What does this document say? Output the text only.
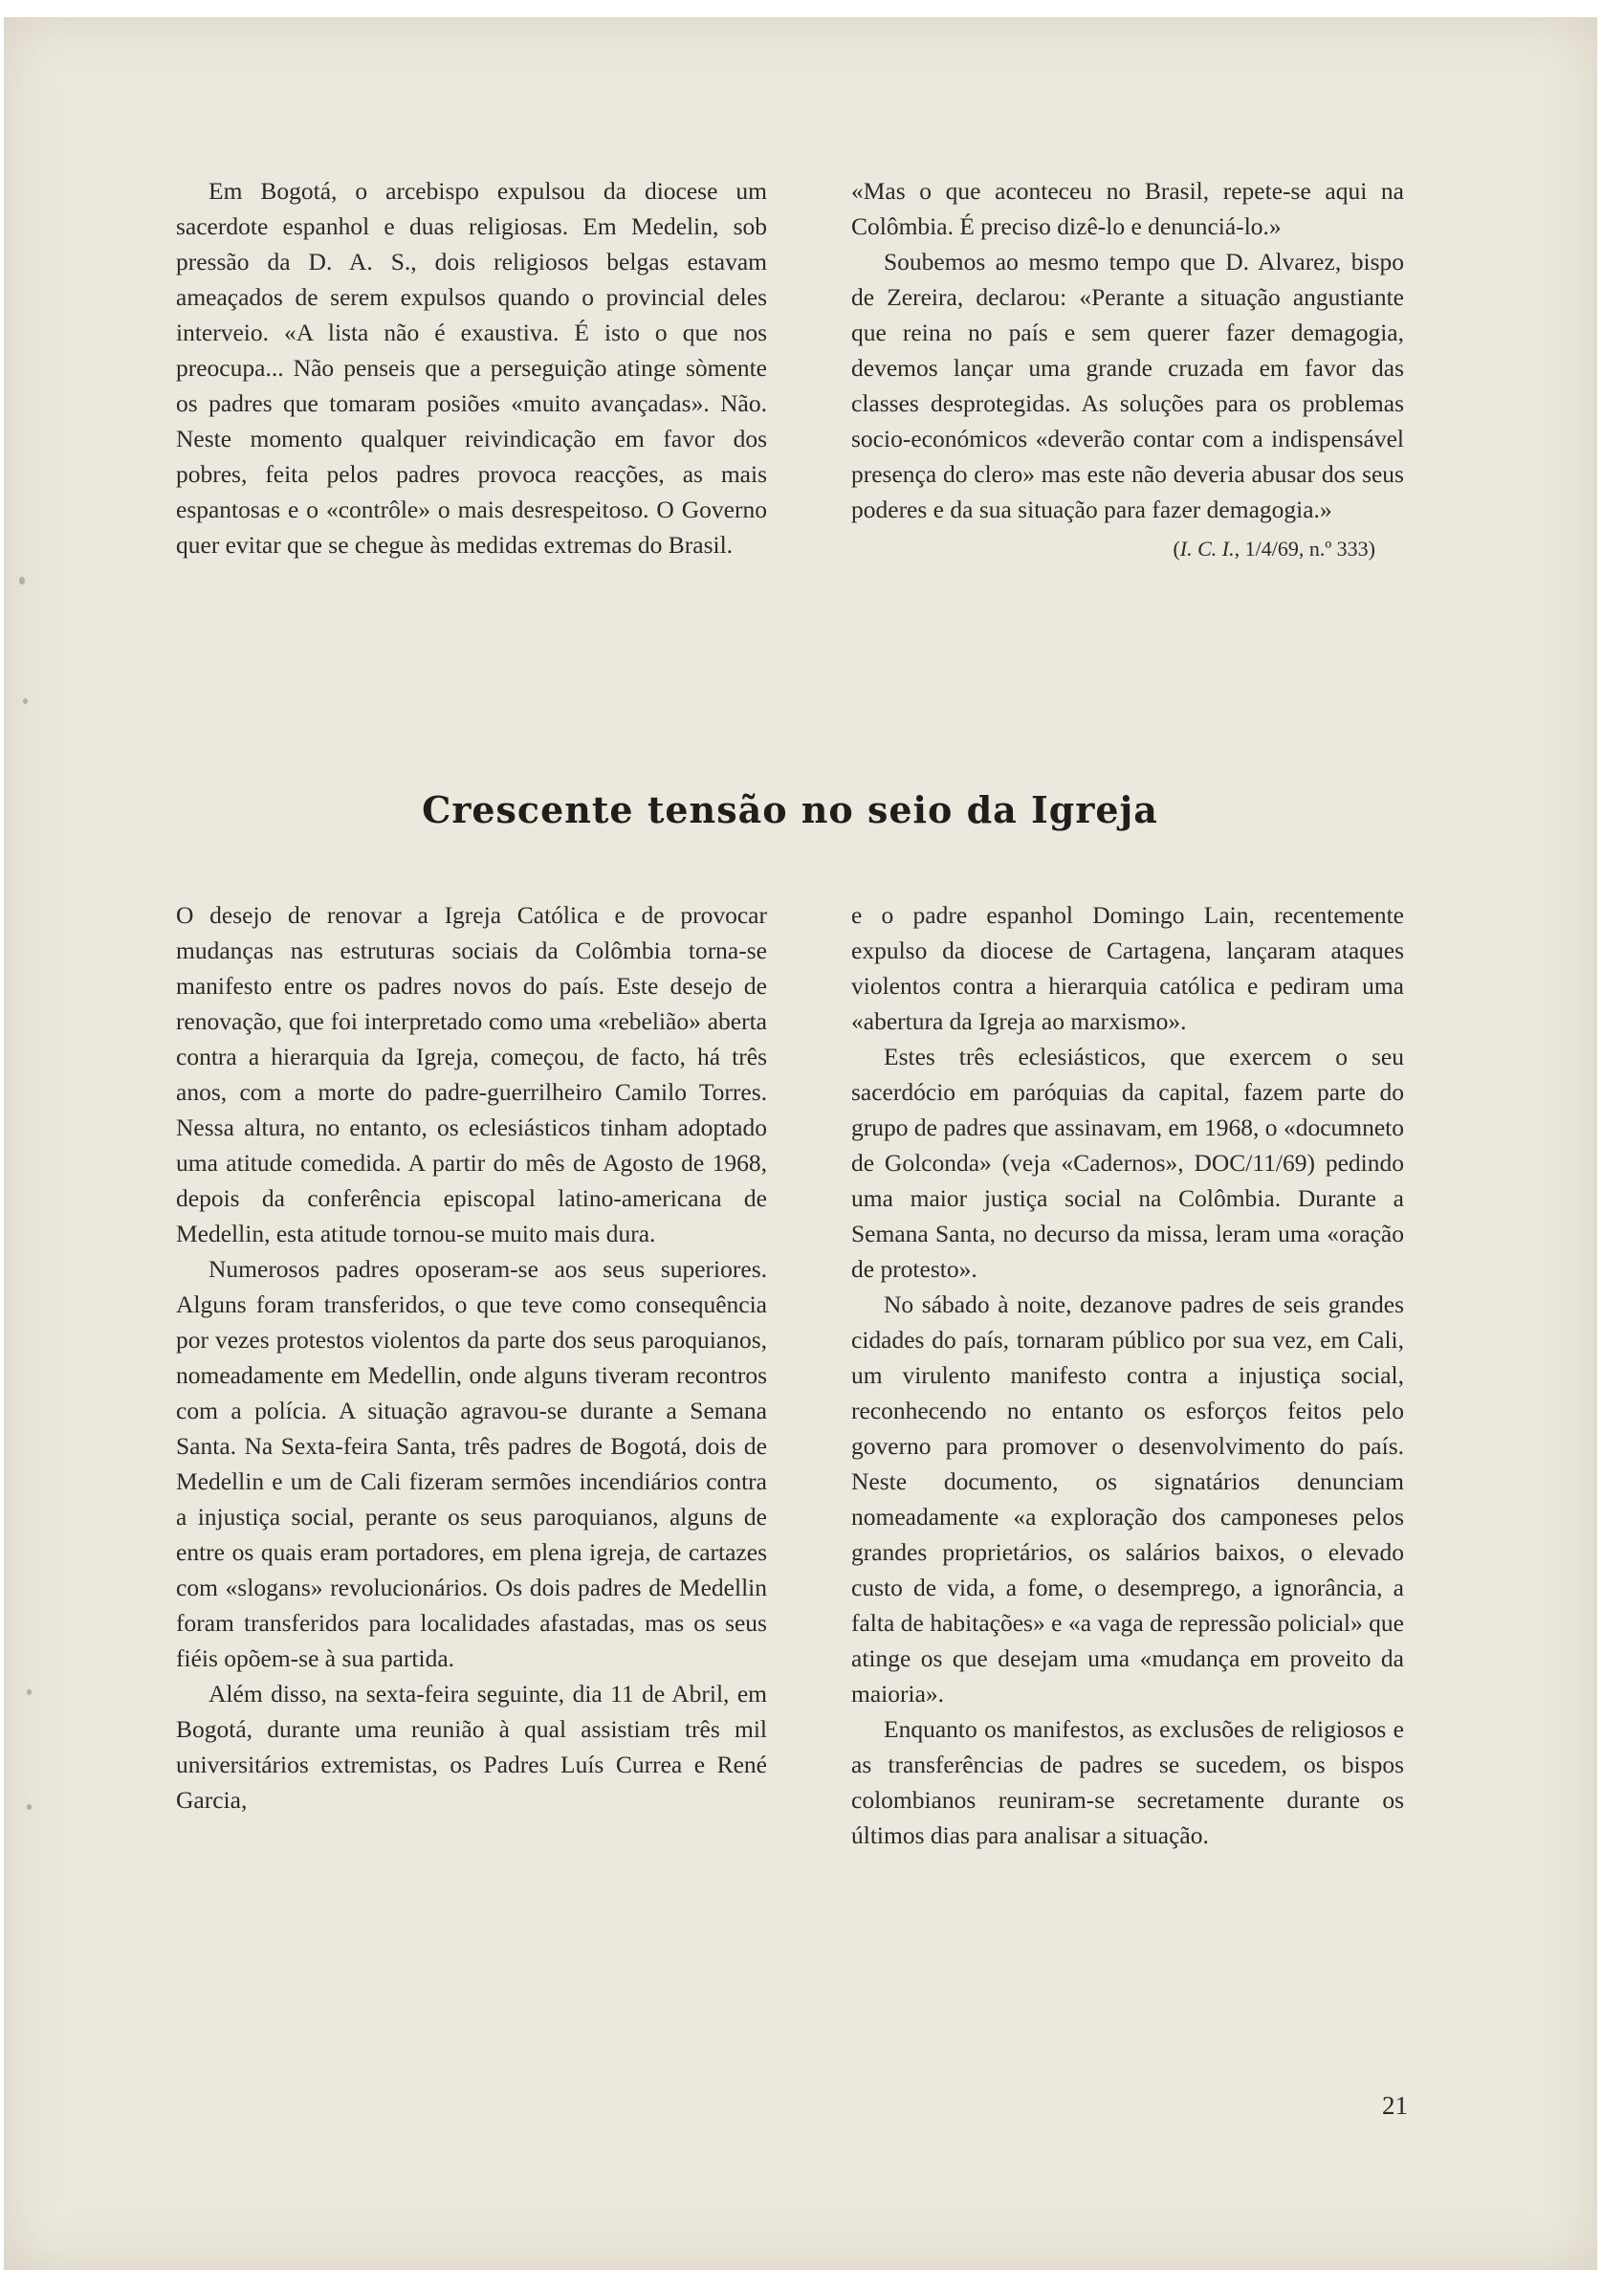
Em Bogotá, o arcebispo expulsou da diocese um sacerdote espanhol e duas religiosas. Em Medelin, sob pressão da D. A. S., dois religiosos belgas estavam ameaçados de serem expulsos quando o provincial deles interveio. «A lista não é exaustiva. É isto o que nos preocupa... Não penseis que a perseguição atinge sòmente os padres que tomaram posiões «muito avançadas». Não. Neste momento qualquer reivindicação em favor dos pobres, feita pelos padres provoca reacções, as mais espantosas e o «contrôle» o mais desrespeitoso. O Governo quer evitar que se chegue às medidas extremas do Brasil.

«Mas o que aconteceu no Brasil, repete-se aqui na Colômbia. É preciso dizê-lo e denunciá-lo.»

Soubemos ao mesmo tempo que D. Alvarez, bispo de Zereira, declarou: «Perante a situação angustiante que reina no país e sem querer fazer demagogia, devemos lançar uma grande cruzada em favor das classes desprotegidas. As soluções para os problemas socio-económicos «deverão contar com a indispensável presença do clero» mas este não deveria abusar dos seus poderes e da sua situação para fazer demagogia.»

(I. C. I., 1/4/69, n.º 333)
Crescente tensão no seio da Igreja

O desejo de renovar a Igreja Católica e de provocar mudanças nas estruturas sociais da Colômbia torna-se manifesto entre os padres novos do país. Este desejo de renovação, que foi interpretado como uma «rebelião» aberta contra a hierarquia da Igreja, começou, de facto, há três anos, com a morte do padre-guerrilheiro Camilo Torres. Nessa altura, no entanto, os eclesiásticos tinham adoptado uma atitude comedida. A partir do mês de Agosto de 1968, depois da conferência episcopal latino-americana de Medellin, esta atitude tornou-se muito mais dura.

Numerosos padres oposeram-se aos seus superiores. Alguns foram transferidos, o que teve como consequência por vezes protestos violentos da parte dos seus paroquianos, nomeadamente em Medellin, onde alguns tiveram recontros com a polícia. A situação agravou-se durante a Semana Santa. Na Sexta-feira Santa, três padres de Bogotá, dois de Medellin e um de Cali fizeram sermões incendiários contra a injustiça social, perante os seus paroquianos, alguns de entre os quais eram portadores, em plena igreja, de cartazes com «slogans» revolucionários. Os dois padres de Medellin foram transferidos para localidades afastadas, mas os seus fiéis opõem-se à sua partida.

Além disso, na sexta-feira seguinte, dia 11 de Abril, em Bogotá, durante uma reunião à qual assistiam três mil universitários extremistas, os Padres Luís Currea e René Garcia,

e o padre espanhol Domingo Lain, recentemente expulso da diocese de Cartagena, lançaram ataques violentos contra a hierarquia católica e pediram uma «abertura da Igreja ao marxismo».

Estes três eclesiásticos, que exercem o seu sacerdócio em paróquias da capital, fazem parte do grupo de padres que assinavam, em 1968, o «documneto de Golconda» (veja «Cadernos», DOC/11/69) pedindo uma maior justiça social na Colômbia. Durante a Semana Santa, no decurso da missa, leram uma «oração de protesto».

No sábado à noite, dezanove padres de seis grandes cidades do país, tornaram público por sua vez, em Cali, um virulento manifesto contra a injustiça social, reconhecendo no entanto os esforços feitos pelo governo para promover o desenvolvimento do país. Neste documento, os signatários denunciam nomeadamente «a exploração dos camponeses pelos grandes proprietários, os salários baixos, o elevado custo de vida, a fome, o desemprego, a ignorância, a falta de habitações» e «a vaga de repressão policial» que atinge os que desejam uma «mudança em proveito da maioria».

Enquanto os manifestos, as exclusões de religiosos e as transferências de padres se sucedem, os bispos colombianos reuniram-se secretamente durante os últimos dias para analisar a situação.

21
